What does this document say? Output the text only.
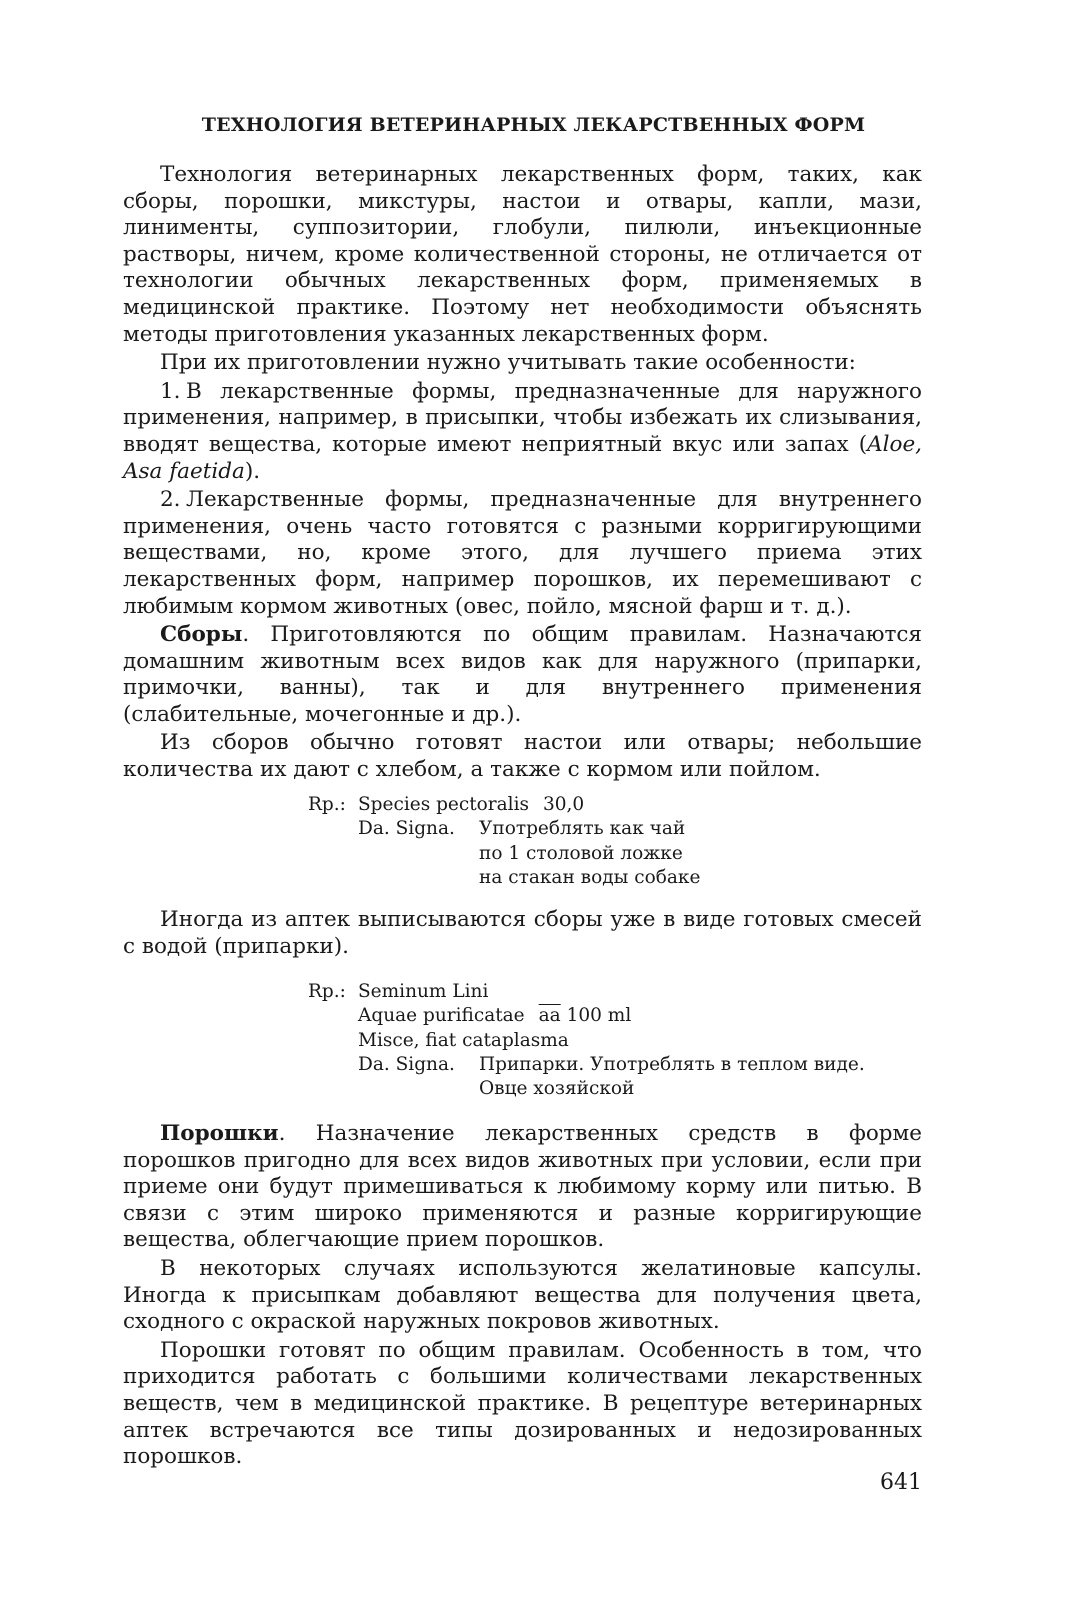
ТЕХНОЛОГИЯ ВЕТЕРИНАРНЫХ ЛЕКАРСТВЕННЫХ ФОРМ

Технология ветеринарных лекарственных форм, таких, как сборы, порошки, микстуры, настои и отвары, капли, мази, линименты, суппозитории, глобули, пилюли, инъекционные растворы, ничем, кроме количественной стороны, не отличается от технологии обычных лекарственных форм, применяемых в медицинской практике. Поэтому нет необходимости объяснять методы приготовления указанных лекарственных форм.

При их приготовлении нужно учитывать такие особенности:

1. В лекарственные формы, предназначенные для наружного применения, например, в присыпки, чтобы избежать их слизывания, вводят вещества, которые имеют неприятный вкус или запах (Aloe, Asa faetida).

2. Лекарственные формы, предназначенные для внутреннего применения, очень часто готовятся с разными корригирующими веществами, но, кроме этого, для лучшего приема этих лекарственных форм, например порошков, их перемешивают с любимым кормом животных (овес, пойло, мясной фарш и т. д.).

Сборы. Приготовляются по общим правилам. Назначаются домашним животным всех видов как для наружного (припарки, примочки, ванны), так и для внутреннего применения (слабительные, мочегонные и др.).

Из сборов обычно готовят настои или отвары; небольшие количества их дают с хлебом, а также с кормом или пойлом.

Rp.: Species pectoralis 30,0
Da. Signa. Употреблять как чай
по 1 столовой ложке
на стакан воды собаке

Иногда из аптек выписываются сборы уже в виде готовых смесей с водой (припарки).

Rp.: Seminum Lini
Aquae purificatae $\overline{aa}$ 100 ml
Misce, fiat cataplasma
Da. Signa. Припарки. Употреблять в теплом виде.
Овце хозяйской

Порошки. Назначение лекарственных средств в форме порошков пригодно для всех видов животных при условии, если при приеме они будут примешиваться к любимому корму или питью. В связи с этим широко применяются и разные корригирующие вещества, облегчающие прием порошков.

В некоторых случаях используются желатиновые капсулы. Иногда к присыпкам добавляют вещества для получения цвета, сходного с окраской наружных покровов животных.

Порошки готовят по общим правилам. Особенность в том, что приходится работать с большими количествами лекарственных веществ, чем в медицинской практике. В рецептуре ветеринарных аптек встречаются все типы дозированных и недозированных порошков.

641
